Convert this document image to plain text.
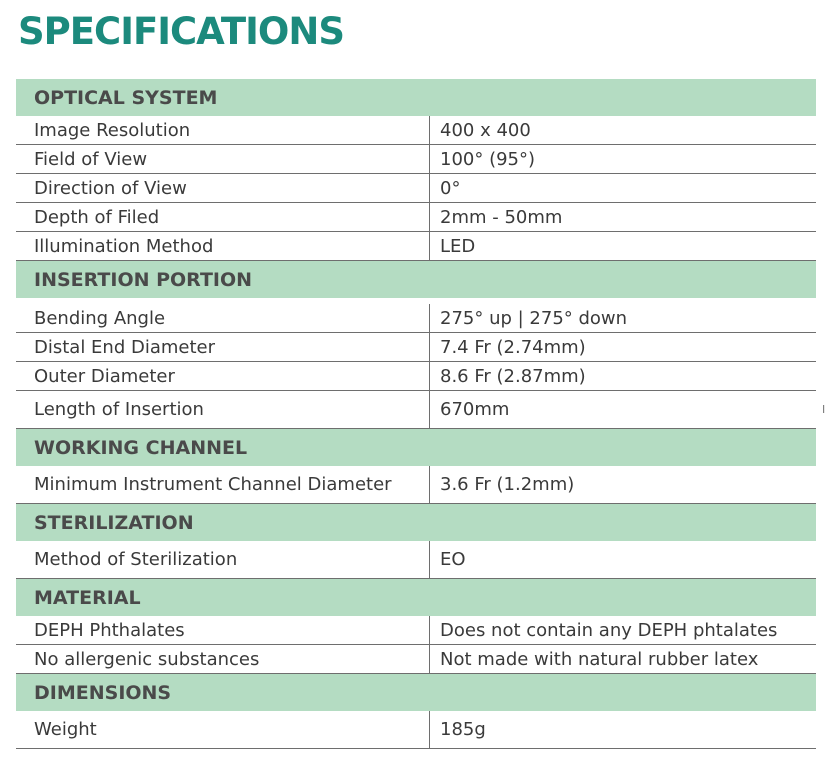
SPECIFICATIONS
OPTICAL SYSTEM
Image Resolution	400 x 400
Field of View	100° (95°)
Direction of View	0°
Depth of Filed	2mm - 50mm
Illumination Method	LED
INSERTION PORTION
Bending Angle	275° up | 275° down
Distal End Diameter	7.4 Fr (2.74mm)
Outer Diameter	8.6 Fr (2.87mm)
Length of Insertion	670mm
WORKING CHANNEL
Minimum Instrument Channel Diameter	3.6 Fr (1.2mm)
STERILIZATION
Method of Sterilization	EO
MATERIAL
DEPH Phthalates	Does not contain any DEPH phtalates
No allergenic substances	Not made with natural rubber latex
DIMENSIONS
Weight	185g
I
